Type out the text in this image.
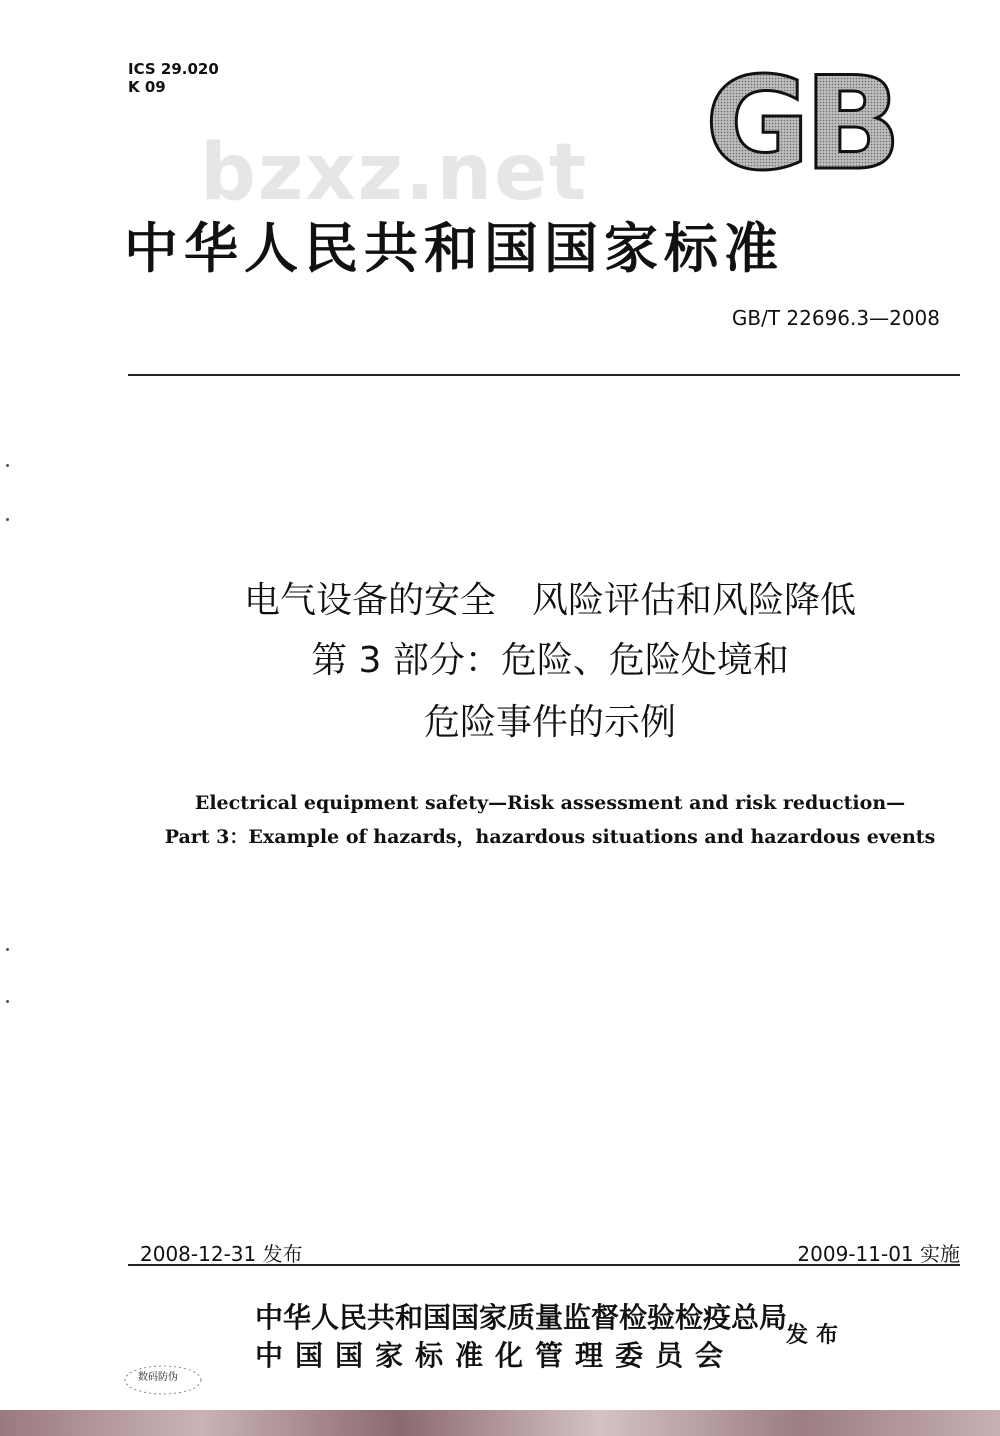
ICS 29.020
K 09	GB
bzxz.net
中华人民共和国国家标准
GB/T 22696.3—2008
电气设备的安全　风险评估和风险降低
第 3 部分：危险、危险处境和
危险事件的示例
Electrical equipment safety—Risk assessment and risk reduction—
Part 3：Example of hazards，hazardous situations and hazardous events
2008-12-31 发布	2009-11-01 实施
中华人民共和国国家质量监督检验检疫总局
中国国家标准化管理委员会
发布
数码防伪
